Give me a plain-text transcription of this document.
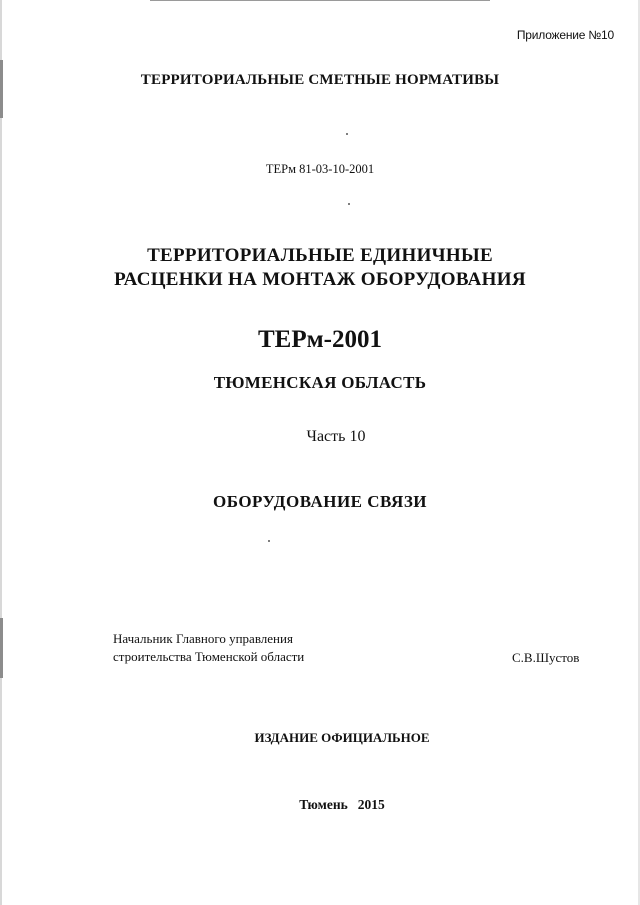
Приложение №10
ТЕРРИТОРИАЛЬНЫЕ СМЕТНЫЕ НОРМАТИВЫ
ТЕРм 81-03-10-2001
ТЕРРИТОРИАЛЬНЫЕ ЕДИНИЧНЫЕ
РАСЦЕНКИ НА МОНТАЖ ОБОРУДОВАНИЯ
ТЕРм-2001
ТЮМЕНСКАЯ ОБЛАСТЬ
Часть 10
ОБОРУДОВАНИЕ СВЯЗИ
Начальник Главного управления
строительства Тюменской области	С.В.Шустов
ИЗДАНИЕ ОФИЦИАЛЬНОЕ
Тюмень 2015
